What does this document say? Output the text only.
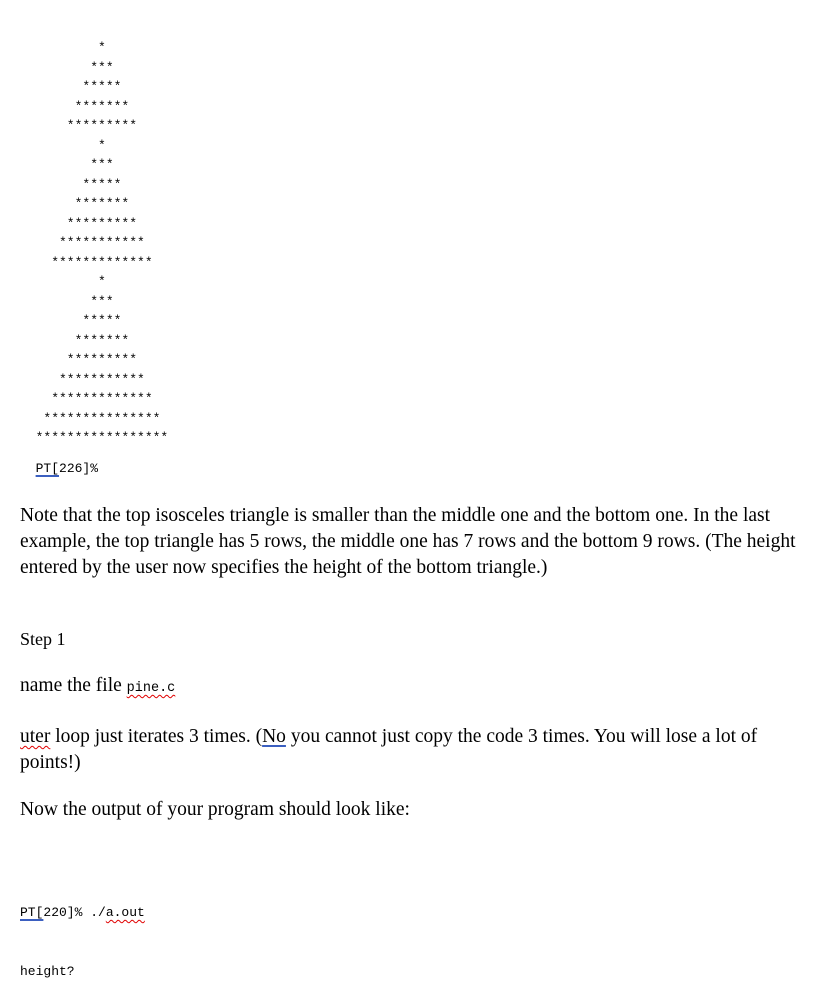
*
***
*****
*******
*********
*
***
*****
*******
*********
***********
*************
*
***
*****
*******
*********
***********
*************
***************
*****************

PT[226]%

Note that the top isosceles triangle is smaller than the middle one and the bottom one. In the last example, the top triangle has 5 rows, the middle one has 7 rows and the bottom 9 rows. (The height entered by the user now specifies the height of the bottom triangle.)

Step 1

name the file pine.c

uter loop just iterates 3 times. (No you cannot just copy the code 3 times. You will lose a lot of points!)

Now the output of your program should look like:

PT[220]% ./a.out

height?
